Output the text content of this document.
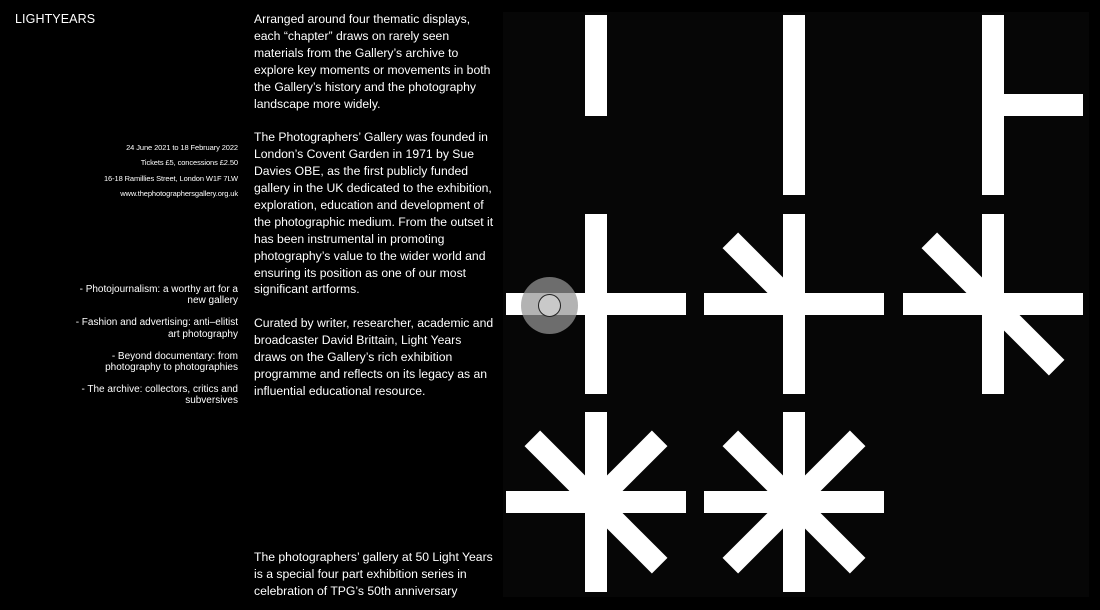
LIGHTYEARS
24 June 2021 to 18 February 2022
Tickets £5, concessions £2.50
16-18 Ramillies Street, London W1F 7LW
www.thephotographersgallery.org.uk
- Photojournalism: a worthy art for a new gallery
- Fashion and advertising: anti–elitist art photography
- Beyond documentary: from photography to photographies
- The archive: collectors, critics and subversives

Arranged around four thematic displays, each “chapter” draws on rarely seen materials from the Gallery’s archive to explore key moments or movements in both the Gallery’s history and the photography landscape more widely.

The Photographers’ Gallery was founded in London’s Covent Garden in 1971 by Sue Davies OBE, as the first publicly funded gallery in the UK dedicated to the exhibition, exploration, education and development of the photographic medium. From the outset it has been instrumental in promoting photography’s value to the wider world and ensuring its position as one of our most significant artforms.

Curated by writer, researcher, academic and broadcaster David Brittain, Light Years draws on the Gallery’s rich exhibition programme and reflects on its legacy as an influential educational resource.

The photographers’ gallery at 50 Light Years is a special four part exhibition series in celebration of TPG’s 50th anniversary
